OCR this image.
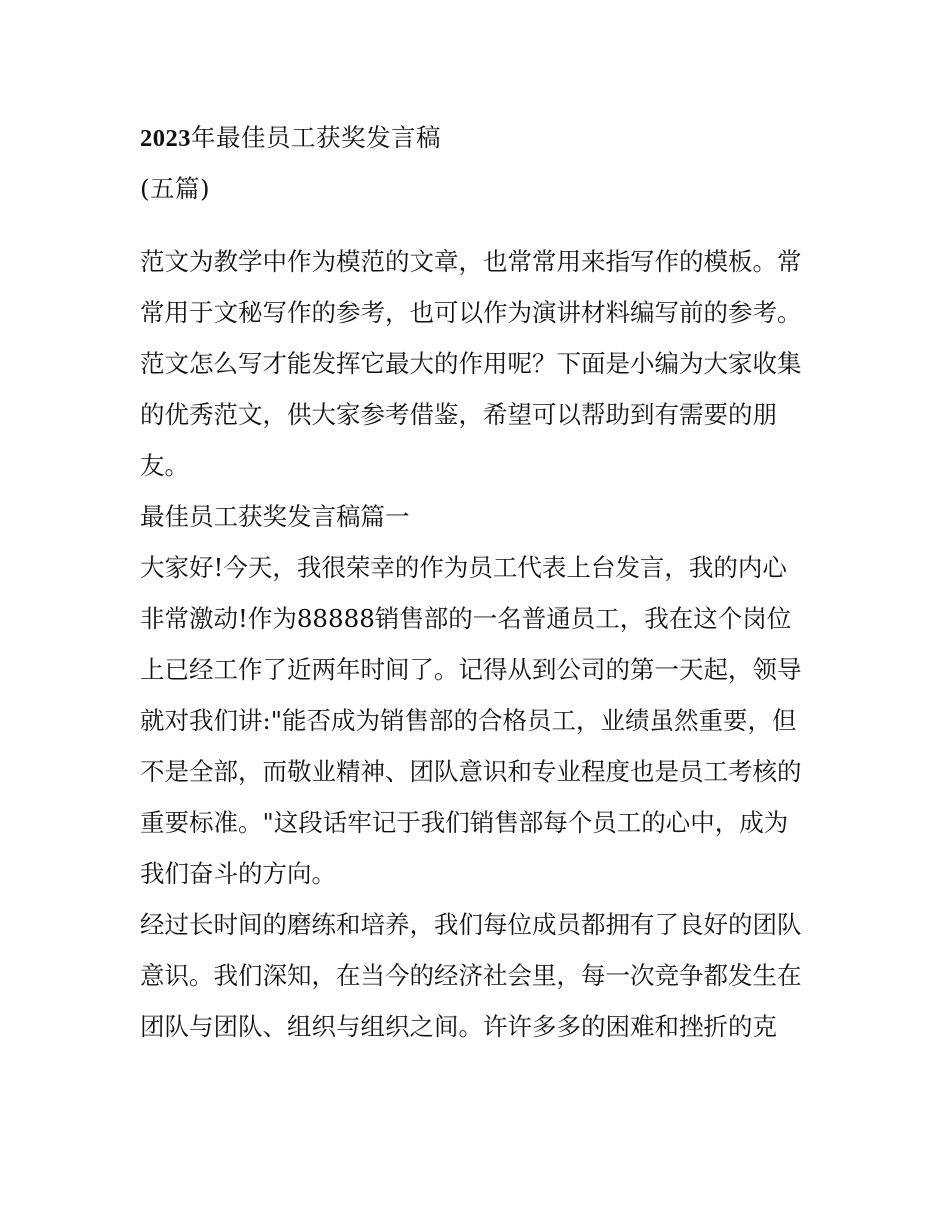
2023年最佳员工获奖发言稿
(五篇)
范文为教学中作为模范的文章，也常常用来指写作的模板。常
常用于文秘写作的参考，也可以作为演讲材料编写前的参考。
范文怎么写才能发挥它最大的作用呢？下面是小编为大家收集
的优秀范文，供大家参考借鉴，希望可以帮助到有需要的朋
友。
最佳员工获奖发言稿篇一
大家好!今天，我很荣幸的作为员工代表上台发言，我的内心
非常激动!作为88888销售部的一名普通员工，我在这个岗位
上已经工作了近两年时间了。记得从到公司的第一天起，领导
就对我们讲:"能否成为销售部的合格员工，业绩虽然重要，但
不是全部，而敬业精神、团队意识和专业程度也是员工考核的
重要标准。"这段话牢记于我们销售部每个员工的心中，成为
我们奋斗的方向。
经过长时间的磨练和培养，我们每位成员都拥有了良好的团队
意识。我们深知，在当今的经济社会里，每一次竞争都发生在
团队与团队、组织与组织之间。许许多多的困难和挫折的克
